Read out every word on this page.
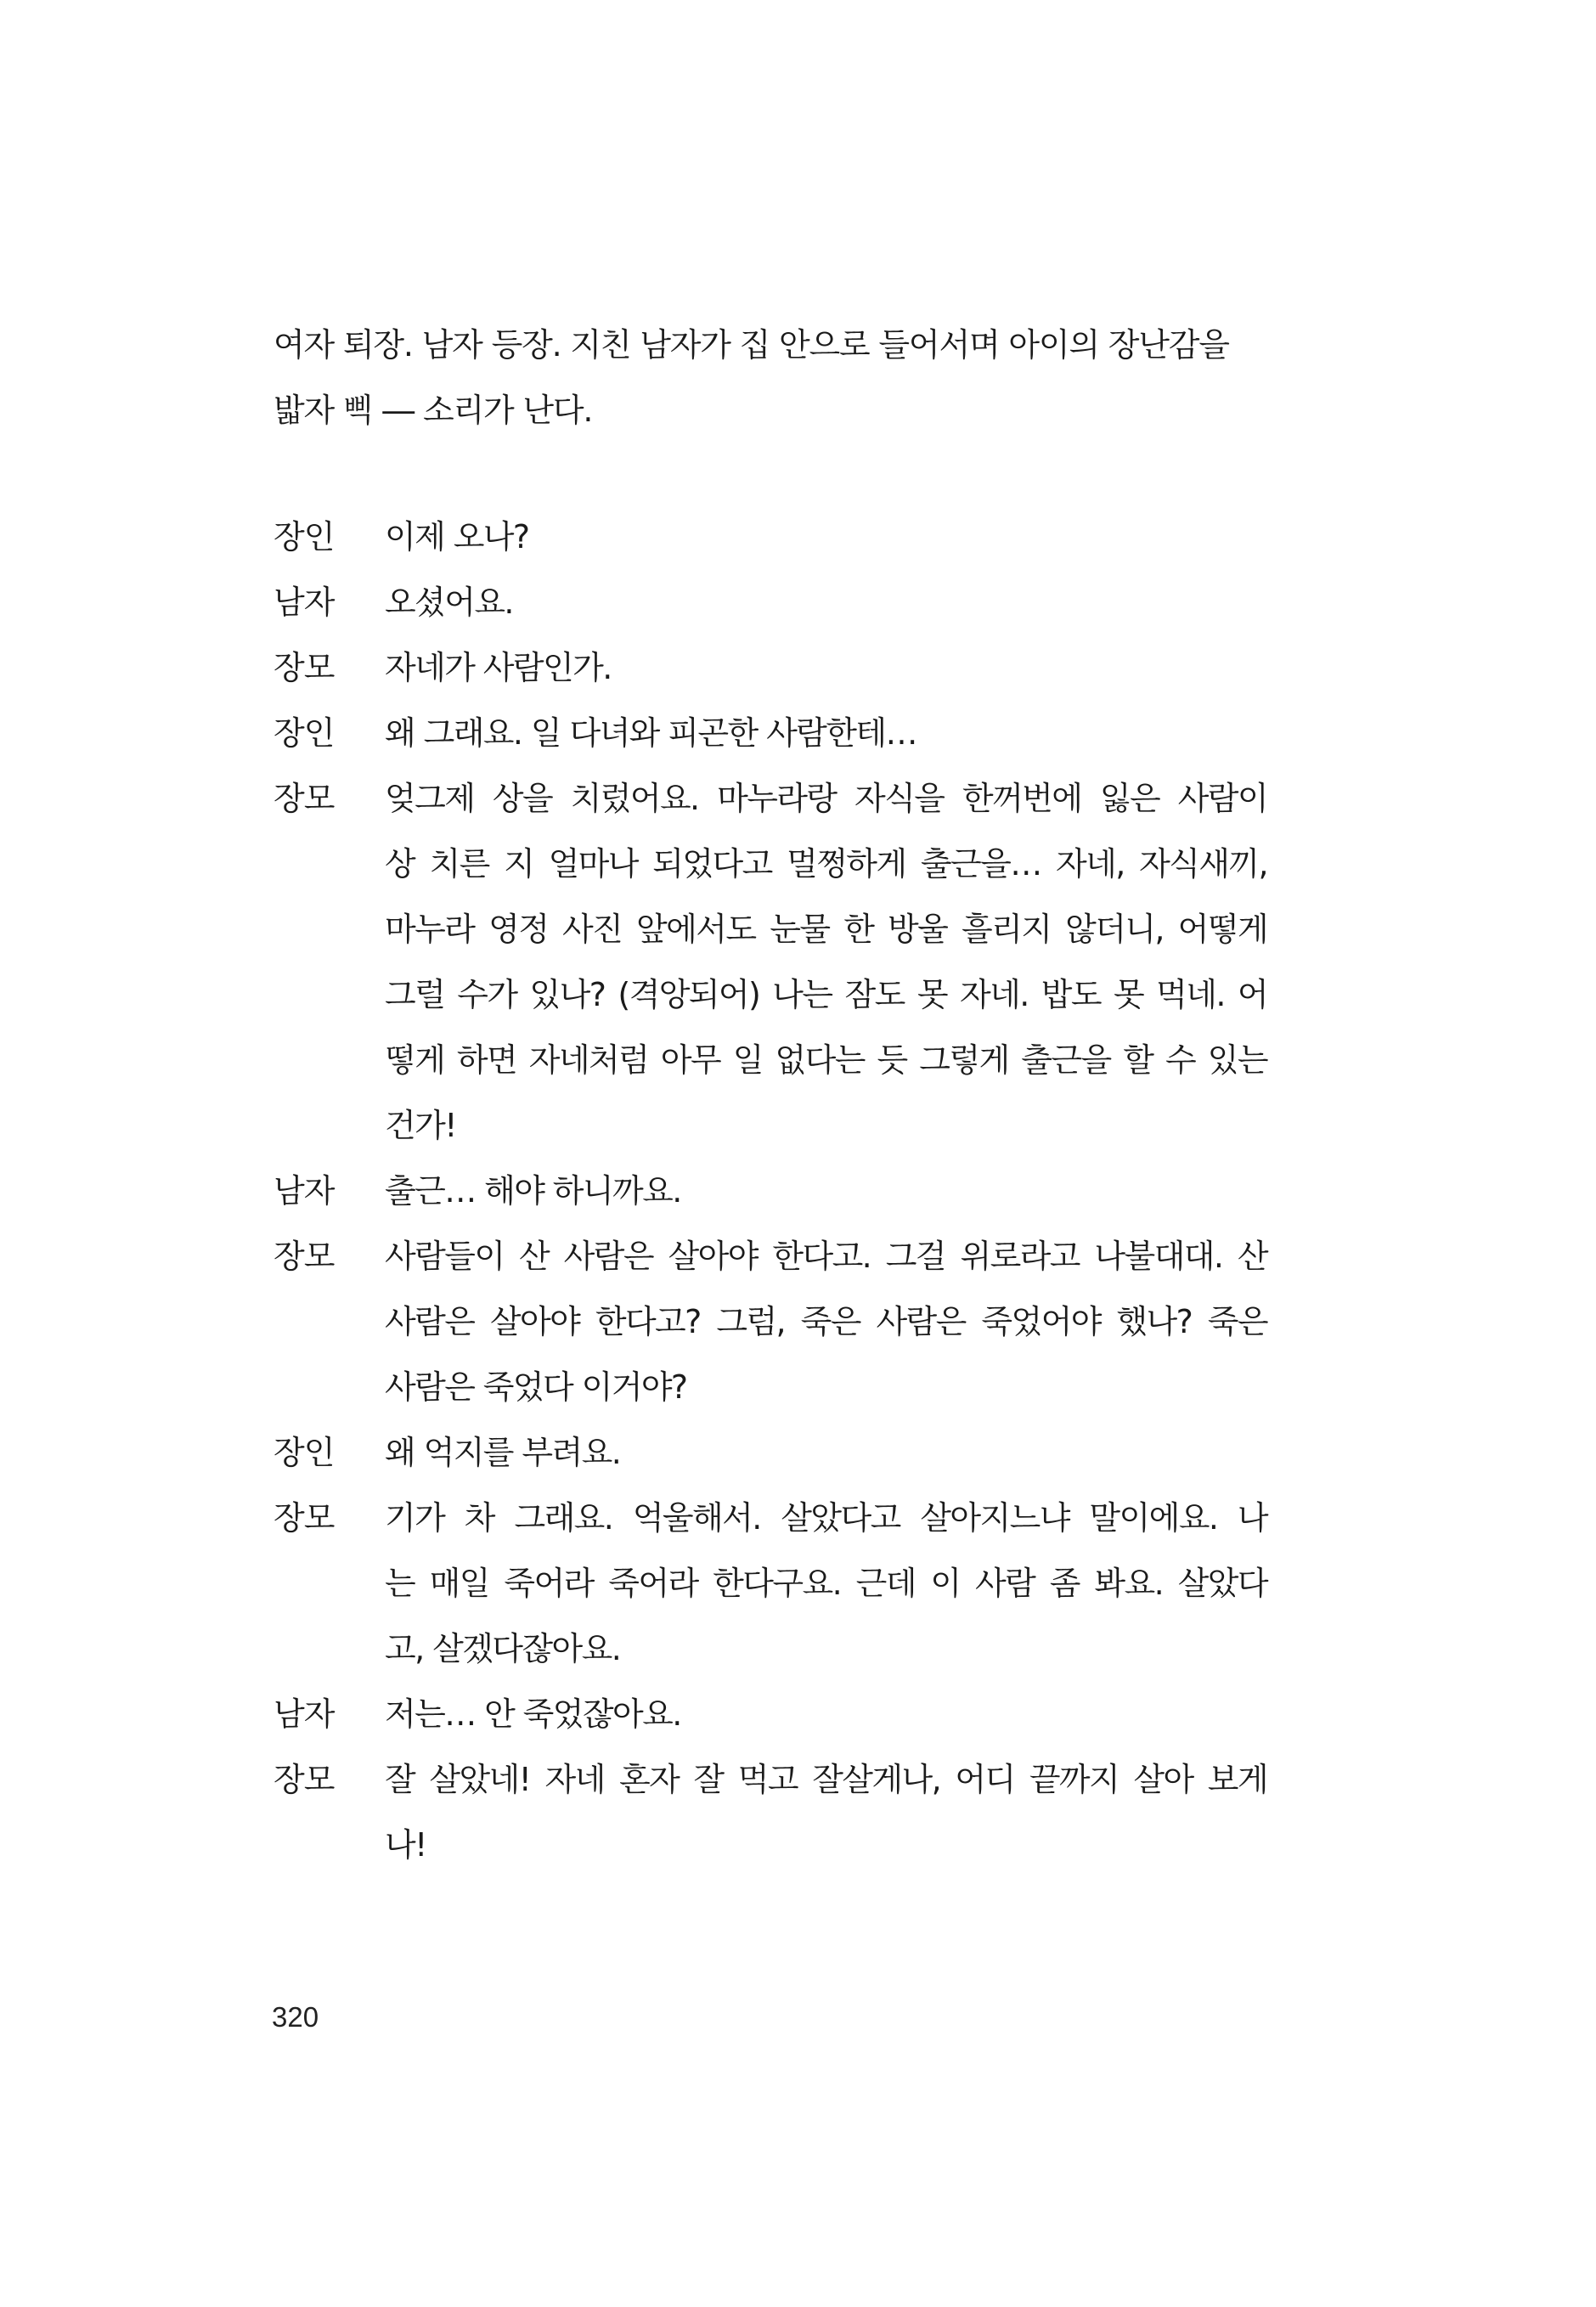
여자 퇴장. 남자 등장. 지친 남자가 집 안으로 들어서며 아이의 장난감을
밟자 삑 ― 소리가 난다.
장인	이제 오나?
남자	오셨어요.
장모	자네가 사람인가.
장인	왜 그래요. 일 다녀와 피곤한 사람한테…
장모	엊그제 상을 치렀어요. 마누라랑 자식을 한꺼번에 잃은 사람이
상 치른 지 얼마나 되었다고 멀쩡하게 출근을… 자네, 자식새끼,
마누라 영정 사진 앞에서도 눈물 한 방울 흘리지 않더니, 어떻게
그럴 수가 있나? (격앙되어) 나는 잠도 못 자네. 밥도 못 먹네. 어
떻게 하면 자네처럼 아무 일 없다는 듯 그렇게 출근을 할 수 있는
건가!
남자	출근… 해야 하니까요.
장모	사람들이 산 사람은 살아야 한다고. 그걸 위로라고 나불대대. 산
사람은 살아야 한다고? 그럼, 죽은 사람은 죽었어야 했나? 죽은
사람은 죽었다 이거야?
장인	왜 억지를 부려요.
장모	기가 차 그래요. 억울해서. 살았다고 살아지느냐 말이에요. 나
는 매일 죽어라 죽어라 한다구요. 근데 이 사람 좀 봐요. 살았다
고, 살겠다잖아요.
남자	저는… 안 죽었잖아요.
장모	잘 살았네! 자네 혼자 잘 먹고 잘살게나, 어디 끝까지 살아 보게
나!
320
